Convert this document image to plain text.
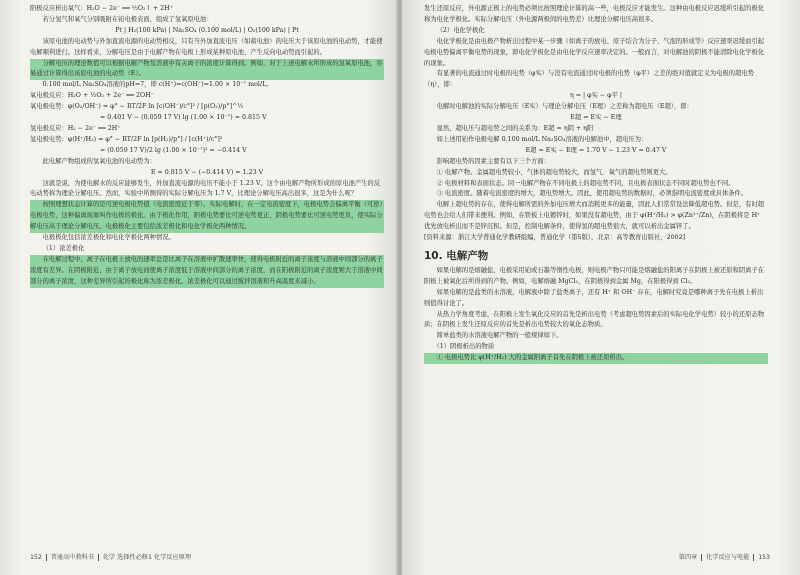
阳极反应析出氧气：H₂O − 2e⁻ ══ ½O₂↑ + 2H⁺

若分氢气和氧气分别吸附在铂电极表面，组成了氢氧原电池：

Pt | H₂(100 kPa) | Na₂SO₄ (0.100 mol/L) | O₂(100 kPa) | Pt

该原电池的电动势与外加直流电源的电动势相反，只有当外加直流电压（如蓄电池）的电压大于该原电池的电动势，才能使电解顺利进行。这样看来，分解电压是由于电解产物在电极上形成某种原电池，产生反向电动势而引起的。

分解电压的理论数值可以根据电解产物及溶液中有关离子的浓度计算得到。例如，对于上述电解水所形成的氢氧原电池，容易通过计算得出该原电池的电动势（E）。

0.100 mol/L Na₂SO₄溶液的pH=7，即 c(H⁺)=c(OH⁻)=1.00 × 10⁻⁷ mol/L。

氧电极反应：H₂O + ½O₂ + 2e⁻ ══ 2OH⁻

氧电极电势：φ(O₂/OH⁻) = φ° − RT/2F ln [c(OH⁻)/c°]² / [p(O₂)/p°]^½

= 0.401 V − (0.059 17 V) lg (1.00 × 10⁻⁷) = 0.815 V

氢电极反应：H₂ − 2e⁻ ══ 2H⁺

氢电极电势：φ(H⁺/H₂) = φ° − RT/2F ln [p(H₂)/p°] / [c(H⁺)/c°]²

= (0.059 17 V)/2 lg (1.00 × 10⁻⁷)² = −0.414 V

此电解产物组成的氢氧电池的电动势为：

E = 0.815 V − (−0.414 V) = 1.23 V

这就是说，为使电解水的反应能够发生，外加直流电源的电压不能小于 1.23 V。这个由电解产物所形成的原电池产生的反电动势称为理论分解电压。然而，实验中所测得的实际分解电压为 1.7 V，比理论分解电压高出很多，这是为什么呢？

按照理想状态计算的是可逆电极电势值（电流密度近于零）。实际电解时，在一定电流密度下，电极电势会偏离平衡（可逆）电极电势，这种偏离现象叫作电极的极化。由于极化作用，阳极电势要比可逆电势更正，阴极电势要比可逆电势更负，使实际分解电压高于理论分解电压。电极极化主要包括浓差极化和电化学极化两种情况。

电极极化包括浓差极化和电化学极化两种情况。

（1）浓差极化

在电解过程中，离子在电极上放电的速率总是比离子在溶液中扩散速率快，使得电极附近的离子浓度与溶液中间部分的离子浓度有差异。在阴极附近，由于离子放电而使离子浓度低于溶液中间部分的离子浓度，而在阳极附近的离子浓度则大于溶液中间部分的离子浓度，这种差异所引起的极化称为浓差极化。浓差极化可以通过搅拌溶液和升高温度来减小。

152 普通高中教科书 化学 选择性必修1 化学反应原理

发生还原反应，外电源正极上的电势必须比按照理论计算的高一些，电极反应才能发生。这种由电极反应迟缓所引起的极化称为电化学极化。实际分解电压（外电源两极间的电势差）比理论分解电压高很多。

（2）电化学极化

电化学极化是由电极产物析出过程中某一步骤（如离子的放电、原子结合为分子、气泡的形成等）反应速率迟缓而引起电极电势偏离平衡电势的现象，即电化学极化是由电化学反应速率决定的。一般而言，对电解池的阴极不能清除电化学极化的现象。

有显著的电流通过时电极的电势（φ实）与没有电流通过时电极的电势（φ平）之差的绝对值就定义为电极的超电势（η），即：

η = | φ实 − φ平 |

电解时电解池的实际分解电压（E实）与理论分解电压（E理）之差称为超电压（E超），即：

E超 = E实 − E理

显然，超电压与超电势之间的关系为：E超 = η阴 + η阳

如上述用铂作电极电解 0.100 mol/L Na₂SO₄溶液的电解池中，超电压为：

E超 = E实 − E理 = 1.70 V − 1.23 V = 0.47 V

影响超电势的因素主要有以下三个方面：

① 电解产物。金属超电势较小，气体的超电势较大，而氢气、氧气的超电势则更大。

② 电极材料和表面状态。同一电解产物在不同电极上的超电势不同，且电极表面状态不同时超电势也不同。

③ 电流密度。随着电流密度的增大，超电势增大。因此，使用超电势的数据时，必须指明电流密度或具体条件。

电解上超电势的存在，使得电解所需的外加电压增大而消耗更多的能量，因此人们常常设法降低超电势。但是，有时超电势也会给人们带来便利。例如，在铁板上电镀锌时，如果没有超电势，由于 φ(H⁺/H₂) > φ(Zn²⁺/Zn)，在阴极将是 H⁺ 优先放电析出而不是锌沉积。但是，控制电解条件，使得氢的超电势很大，就可以析出金属锌了。

[资料来源：浙江大学普通化学教研组编，普通化学（第5版），北京：高等教育出版社，2002]

10. 电解产物

如果电解的是熔融盐，电极采用铂或石墨等惰性电极，则电极产物只可能是熔融盐的阳离子在阴极上被还原和阴离子在阳极上被氧化后所得到的产物。例如，电解熔融 MgCl₂，在阴极得到金属 Mg，在阳极得到 Cl₂。

如果电解的是盐类的水溶液，电解液中除了盐类离子，还有 H⁺ 和 OH⁻ 存在，电解时究竟是哪种离子先在电极上析出则值得讨论了。

从热力学角度考虑，在阳极上发生氧化反应的首先是析出电势（考虑超电势因素后的实际电化学电势）较小的还原态物质；在阴极上发生还原反应的首先是析出电势较大的氧化态物质。

简单盐类的水溶液电解产物的一般规律如下。

（1）阴极析出的物质

① 电极电势比 φ(H⁺/H₂) 大的金属阳离子首先在阴极上被还原析出。

第四章 化学反应与电能 153
